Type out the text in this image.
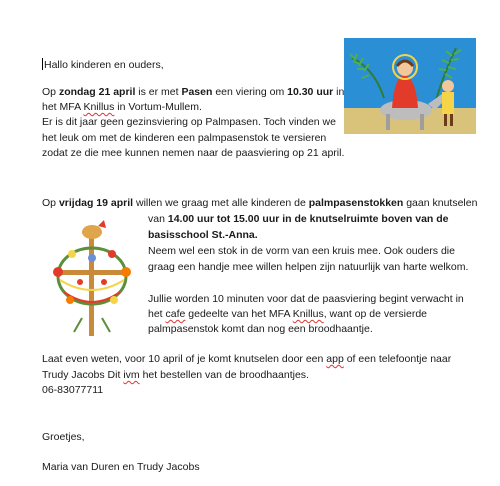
Hallo kinderen en ouders,

Op zondag 21 april is er met Pasen een viering om 10.30 uur in

het MFA Knillus in Vortum-Mullem.

Er is dit jaar geen gezinsviering op Palmpasen. Toch vinden we

het leuk om met de kinderen een palmpasenstok te versieren

zodat ze die mee kunnen nemen naar de paasviering op 21 april.

Op vrijdag 19 april willen we graag met alle kinderen de palmpasenstokken gaan knutselen

van 14.00 uur tot 15.00 uur in de knutselruimte boven van de

basisschool St.-Anna.

Neem wel een stok in de vorm van een kruis mee. Ook ouders die

graag een handje mee willen helpen zijn natuurlijk van harte welkom.

Jullie worden 10 minuten voor dat de paasviering begint verwacht in

het cafe gedeelte van het MFA Knillus, want op de versierde

palmpasenstok komt dan nog een broodhaantje.

Laat even weten, voor 10 april of je komt knutselen door een app of een telefoontje naar

Trudy Jacobs Dit ivm het bestellen van de broodhaantjes.

06-83077711

Groetjes,

Maria van Duren en Trudy Jacobs
